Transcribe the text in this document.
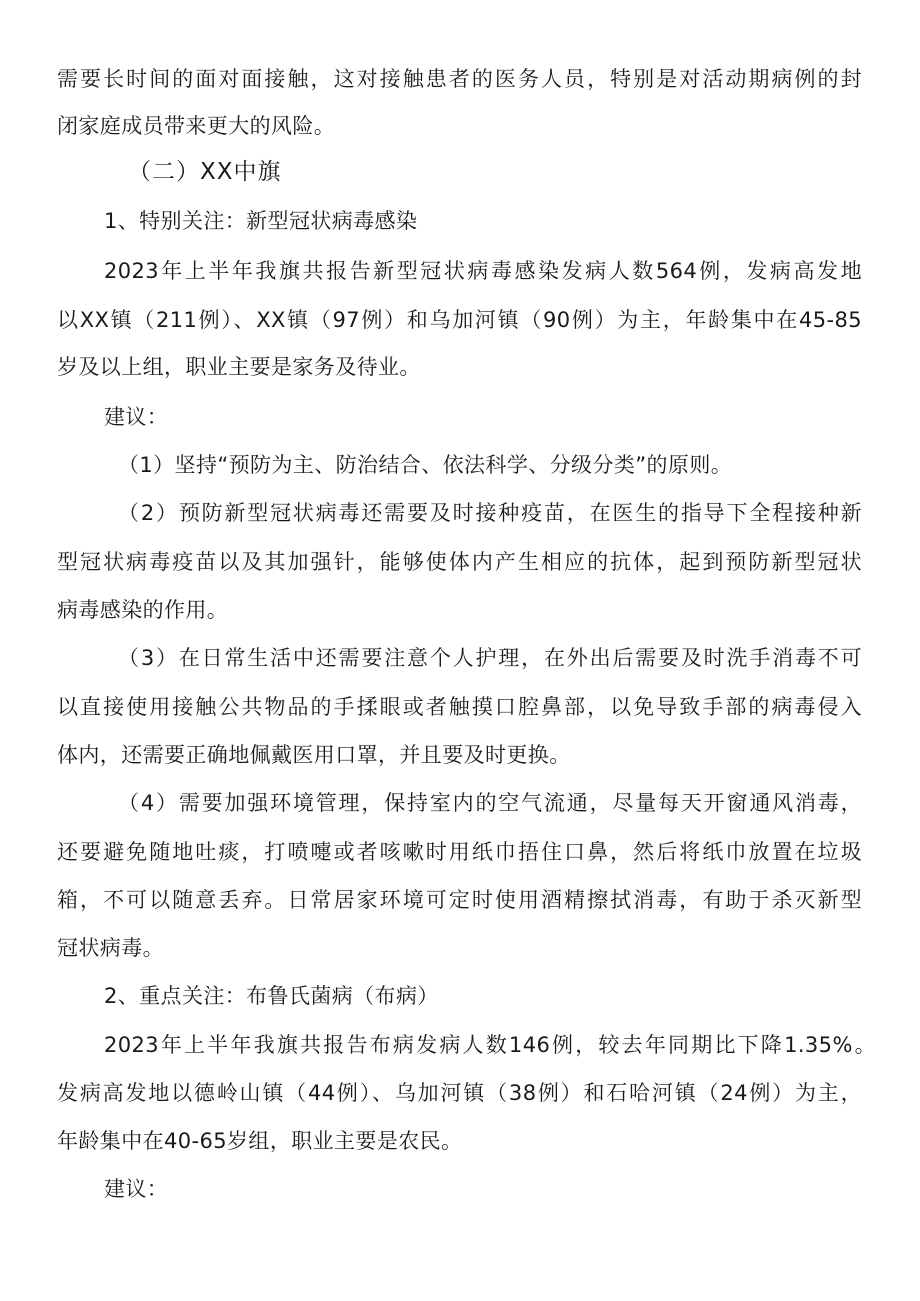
需要长时间的面对面接触，这对接触患者的医务人员，特别是对活动期病例的封
闭家庭成员带来更大的风险。
（二）XX中旗
1、特别关注：新型冠状病毒感染
2023年上半年我旗共报告新型冠状病毒感染发病人数564例，发病高发地
以XX镇（211例）、XX镇（97例）和乌加河镇（90例）为主，年龄集中在45-85
岁及以上组，职业主要是家务及待业。
建议：
（1）坚持“预防为主、防治结合、依法科学、分级分类”的原则。
（2）预防新型冠状病毒还需要及时接种疫苗，在医生的指导下全程接种新
型冠状病毒疫苗以及其加强针，能够使体内产生相应的抗体，起到预防新型冠状
病毒感染的作用。
（3）在日常生活中还需要注意个人护理，在外出后需要及时洗手消毒不可
以直接使用接触公共物品的手揉眼或者触摸口腔鼻部，以免导致手部的病毒侵入
体内，还需要正确地佩戴医用口罩，并且要及时更换。
（4）需要加强环境管理，保持室内的空气流通，尽量每天开窗通风消毒，
还要避免随地吐痰，打喷嚏或者咳嗽时用纸巾捂住口鼻，然后将纸巾放置在垃圾
箱，不可以随意丢弃。日常居家环境可定时使用酒精擦拭消毒，有助于杀灭新型
冠状病毒。
2、重点关注：布鲁氏菌病（布病）
2023年上半年我旗共报告布病发病人数146例，较去年同期比下降1.35%。
发病高发地以德岭山镇（44例）、乌加河镇（38例）和石哈河镇（24例）为主，
年龄集中在40-65岁组，职业主要是农民。
建议：
